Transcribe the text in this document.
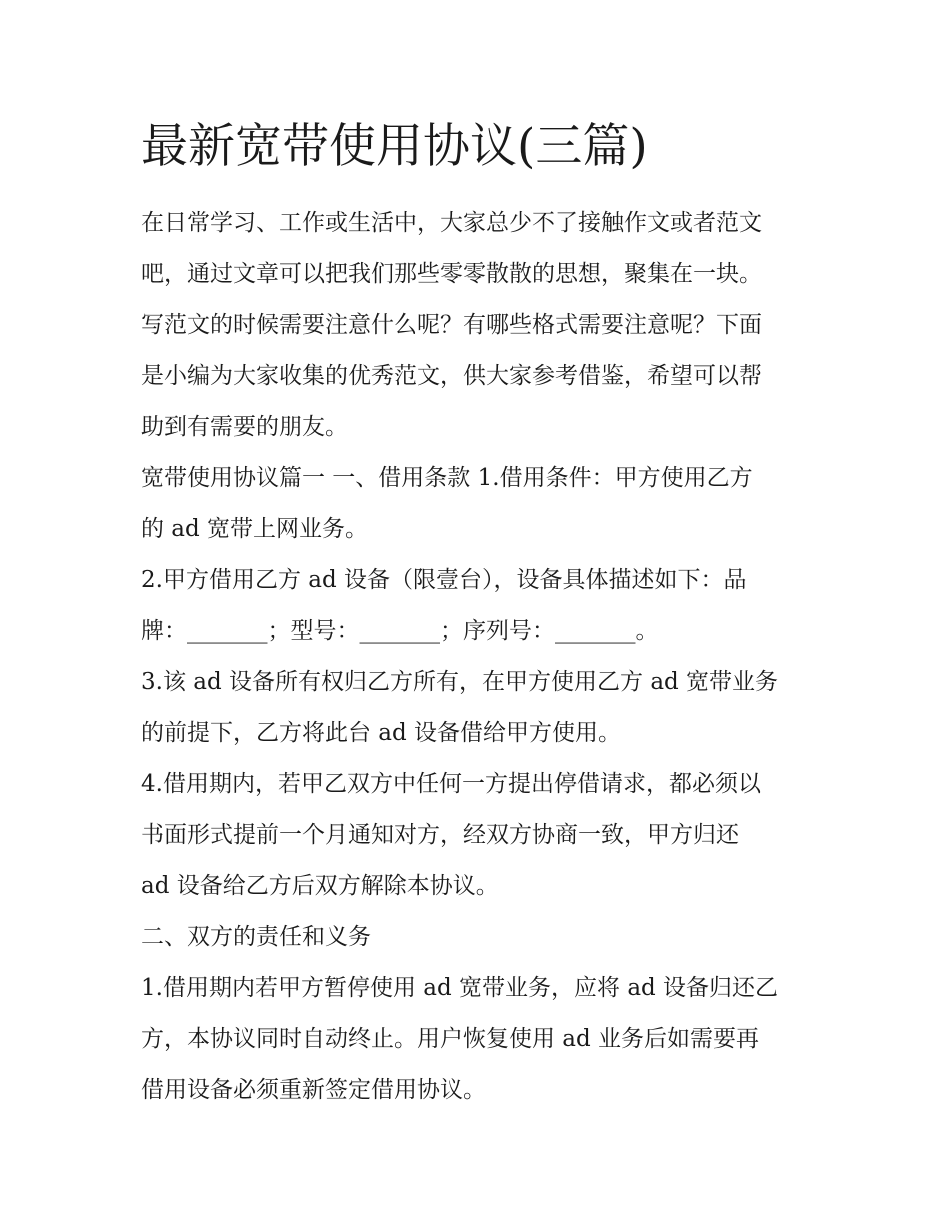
最新宽带使用协议(三篇)
在日常学习、工作或生活中，大家总少不了接触作文或者范文
吧，通过文章可以把我们那些零零散散的思想，聚集在一块。
写范文的时候需要注意什么呢？有哪些格式需要注意呢？下面
是小编为大家收集的优秀范文，供大家参考借鉴，希望可以帮
助到有需要的朋友。
宽带使用协议篇一 一、借用条款 1.借用条件：甲方使用乙方
的 ad 宽带上网业务。
2.甲方借用乙方 ad 设备（限壹台），设备具体描述如下：品
牌：_______；型号：_______；序列号：_______。
3.该 ad 设备所有权归乙方所有，在甲方使用乙方 ad 宽带业务
的前提下，乙方将此台 ad 设备借给甲方使用。
4.借用期内，若甲乙双方中任何一方提出停借请求，都必须以
书面形式提前一个月通知对方，经双方协商一致，甲方归还
ad 设备给乙方后双方解除本协议。
二、双方的责任和义务
1.借用期内若甲方暂停使用 ad 宽带业务，应将 ad 设备归还乙
方，本协议同时自动终止。用户恢复使用 ad 业务后如需要再
借用设备必须重新签定借用协议。
